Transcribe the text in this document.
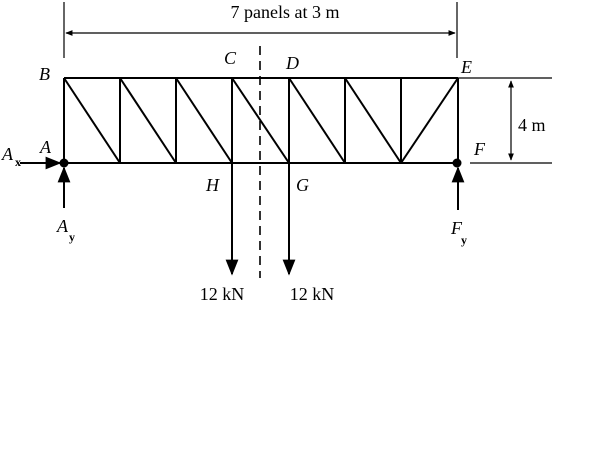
7 panels at 3 m
4 m
12 kN	12 kN
B
C	D	E
A	F
H	G
A x
A
y	F
y
